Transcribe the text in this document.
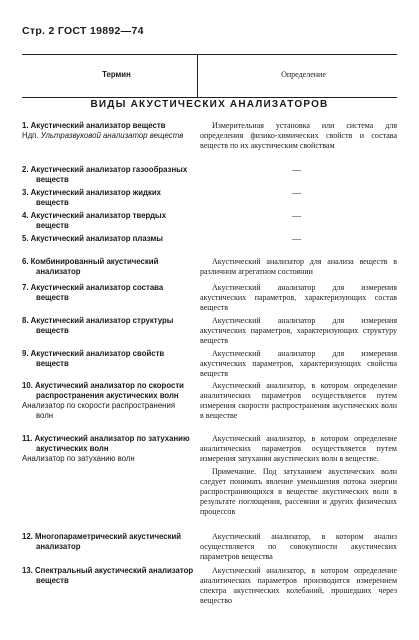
Стр. 2 ГОСТ 19892—74
Термин	Определение
ВИДЫ АКУСТИЧЕСКИХ АНАЛИЗАТОРОВ
1. Акустический анализатор веществ
Ндп. Ультразвуковой анализатор веществ
Измерительная установка или система для определения физико-химических свойств и состава веществ по их акустическим свойствам
2. Акустический анализатор газообразных веществ
—
3. Акустический анализатор жидких веществ
—
4. Акустический анализатор твердых веществ
—
5. Акустический анализатор плазмы	—
6. Комбинированный акустический анализатор
Акустический анализатор для анализа веществ в различном агрегатном состоянии
7. Акустический анализатор состава веществ
Акустический анализатор для измерения акустических параметров, характеризующих состав веществ
8. Акустический анализатор структуры веществ
Акустический анализатор для измерения акустических параметров, характеризующих структуру веществ
9. Акустический анализатор свойств веществ
Акустический анализатор для измерения акустических параметров, характеризующих свойства веществ
10. Акустический анализатор по скорости распространения акустических волн
Анализатор по скорости распространения волн
Акустический анализатор, в котором определение аналитических параметров осуществляется путем измерения скорости распространения акустических волн в веществе
11. Акустический анализатор по затуханию акустических волн
Анализатор по затуханию волн
Акустический анализатор, в котором определение аналитических параметров осуществляется путем измерения затухания акустических волн в веществе.
Примечание. Под затуханием акустических волн следует понимать явление уменьшения потока энергии распространяющихся в веществе акустических волн в результате поглощения, рассеяния и других физических процессов
12. Многопараметрический акустический анализатор
Акустический анализатор, в котором анализ осуществляется по совокупности акустических параметров вещества
13. Спектральный акустический анализатор веществ
Акустический анализатор, в котором определение аналитических параметров производится измерением спектра акустических колебаний, прошедших через вещество
